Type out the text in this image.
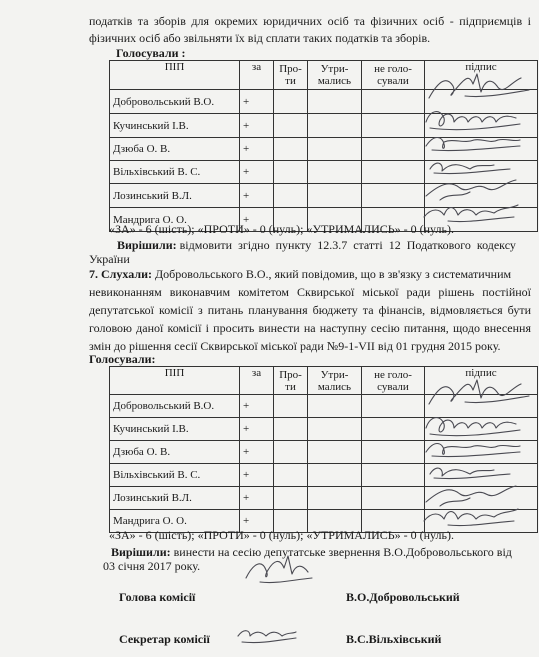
податків та зборів для окремих юридичних осіб та фізичних осіб - підприємців і
фізичних осіб або звільняти їх від сплати таких податків та зборів.
Голосували :
ПІП	за	Про-ти	Утри-мались	не голо-сували	підпис
Добровольський В.О.	+				
Кучинський І.В.	+				
Дзюба О. В.	+				
Вільхівський В. С.	+				
Лозинський В.Л.	+				
Мандрига О. О.	+				
«ЗА» - 6 (шість); «ПРОТИ» - 0 (нуль); «УТРИМАЛИСЬ» - 0 (нуль).
Вирішили: відмовити згідно пункту 12.3.7 статті 12 Податкового кодексу
України
7. Слухали: Добровольського В.О., який повідомив, що в зв'язку з систематичним
невиконанням виконавчим комітетом Сквирської міської ради рішень постійної
депутатської комісії з питань планування бюджету та фінансів, відмовляється бути
головою даної комісії і просить винести на наступну сесію питання, щодо внесення
змін до рішення сесії Сквирської міської ради №9-1-VII від 01 грудня 2015 року.
Голосували:
ПІП	за	Про-ти	Утри-мались	не голо-сували	підпис
Добровольський В.О.	+				
Кучинський І.В.	+				
Дзюба О. В.	+				
Вільхівський В. С.	+				
Лозинський В.Л.	+				
Мандрига О. О.	+				
«ЗА» - 6 (шість); «ПРОТИ» - 0 (нуль); «УТРИМАЛИСЬ» - 0 (нуль).
Вирішили: винести на сесію депутатське звернення В.О.Добровольського від
03 січня 2017 року.
Голова комісії	В.О.Добровольський
Секретар комісії	В.С.Вільхівський
